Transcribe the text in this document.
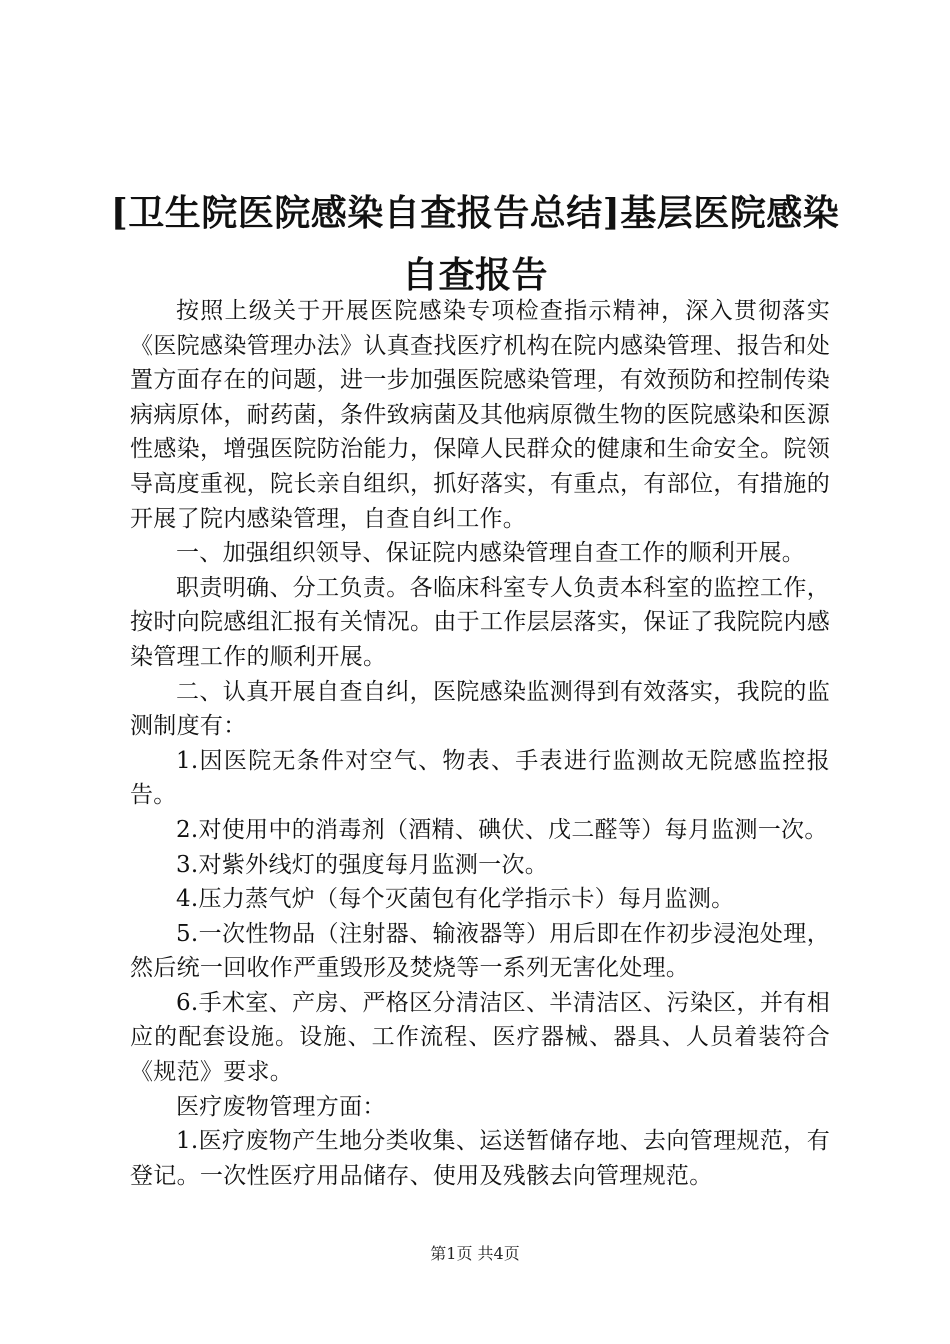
[卫生院医院感染自查报告总结]基层医院感染
自查报告

按照上级关于开展医院感染专项检查指示精神，深入贯彻落实《医院感染管理办法》认真查找医疗机构在院内感染管理、报告和处置方面存在的问题，进一步加强医院感染管理，有效预防和控制传染病病原体，耐药菌，条件致病菌及其他病原微生物的医院感染和医源性感染，增强医院防治能力，保障人民群众的健康和生命安全。院领导高度重视，院长亲自组织，抓好落实，有重点，有部位，有措施的开展了院内感染管理，自查自纠工作。

一、加强组织领导、保证院内感染管理自查工作的顺利开展。

职责明确、分工负责。各临床科室专人负责本科室的监控工作，按时向院感组汇报有关情况。由于工作层层落实，保证了我院院内感染管理工作的顺利开展。

二、认真开展自查自纠，医院感染监测得到有效落实，我院的监测制度有：

1.因医院无条件对空气、物表、手表进行监测故无院感监控报告。

2.对使用中的消毒剂（酒精、碘伏、戊二醛等）每月监测一次。

3.对紫外线灯的强度每月监测一次。

4.压力蒸气炉（每个灭菌包有化学指示卡）每月监测。

5.一次性物品（注射器、输液器等）用后即在作初步浸泡处理，然后统一回收作严重毁形及焚烧等一系列无害化处理。

6.手术室、产房、严格区分清洁区、半清洁区、污染区，并有相应的配套设施。设施、工作流程、医疗器械、器具、人员着装符合《规范》要求。

医疗废物管理方面：

1.医疗废物产生地分类收集、运送暂储存地、去向管理规范，有登记。一次性医疗用品储存、使用及残骸去向管理规范。

第1页 共4页
